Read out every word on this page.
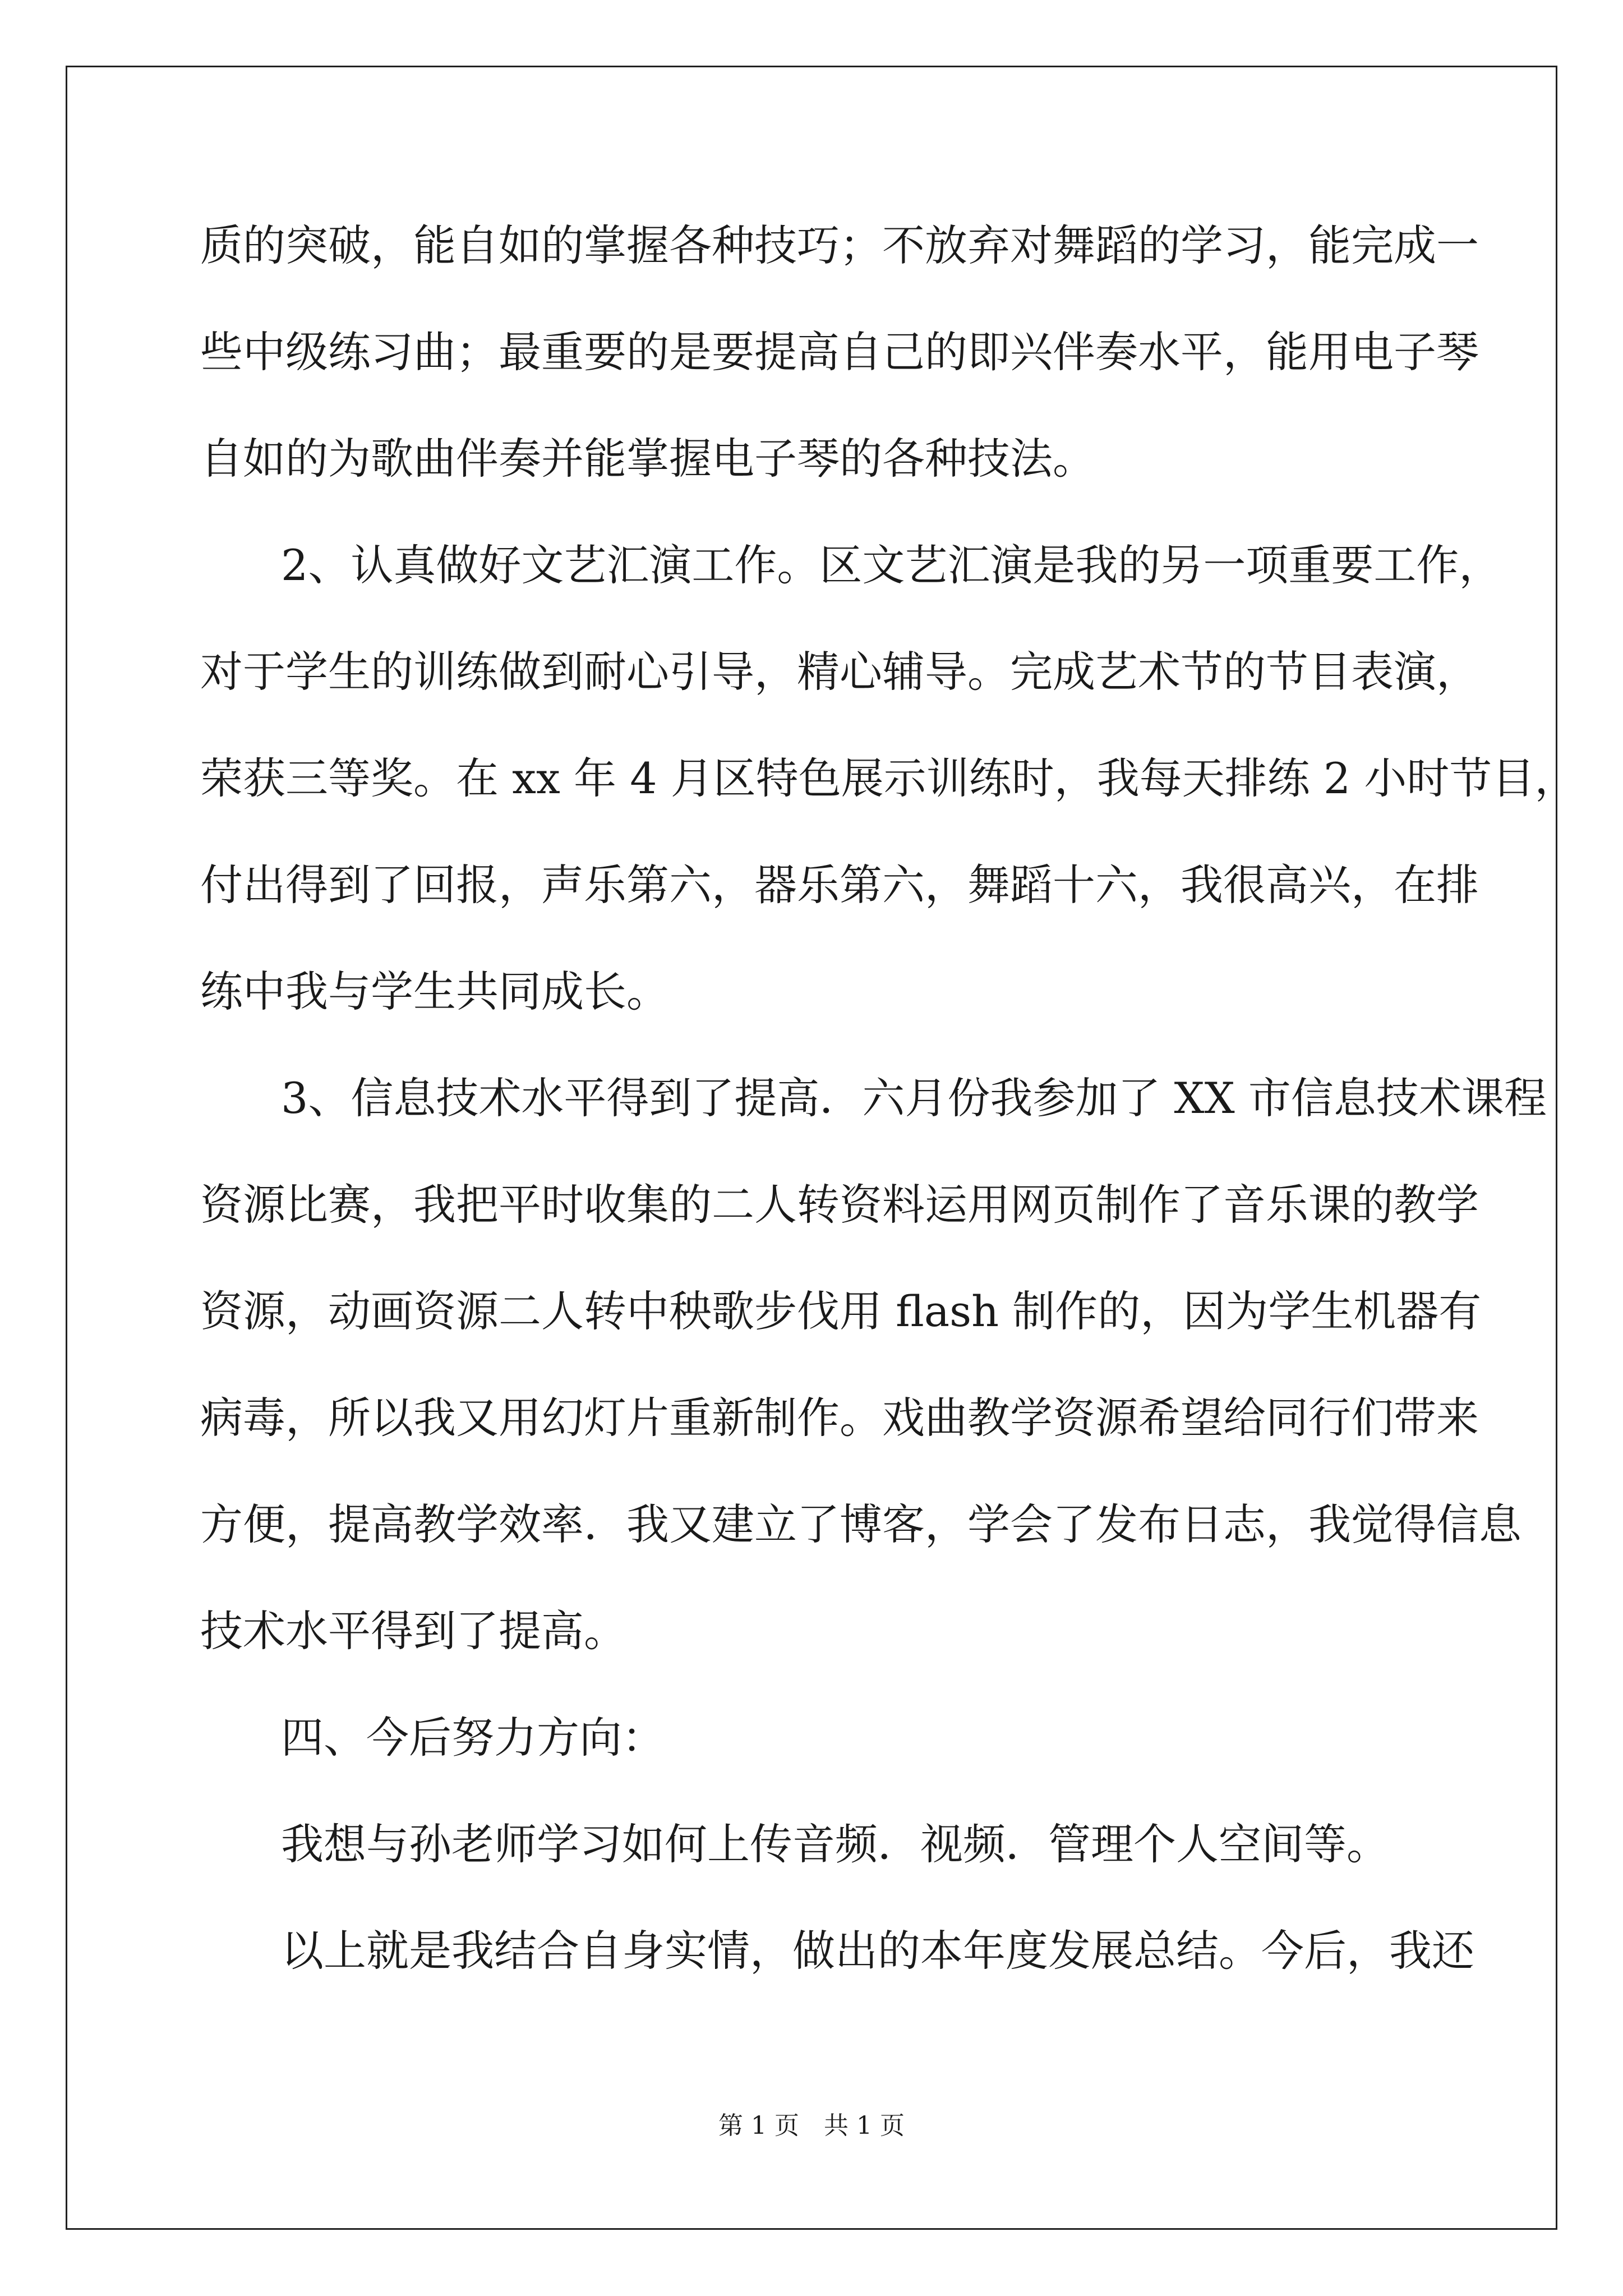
质的突破，能自如的掌握各种技巧；不放弃对舞蹈的学习，能完成一
些中级练习曲；最重要的是要提高自己的即兴伴奏水平，能用电子琴
自如的为歌曲伴奏并能掌握电子琴的各种技法。
2、认真做好文艺汇演工作。区文艺汇演是我的另一项重要工作，
对于学生的训练做到耐心引导，精心辅导。完成艺术节的节目表演，
荣获三等奖。在 xx 年 4 月区特色展示训练时，我每天排练 2 小时节目，
付出得到了回报，声乐第六，器乐第六，舞蹈十六，我很高兴，在排
练中我与学生共同成长。
3、信息技术水平得到了提高．六月份我参加了 XX 市信息技术课程
资源比赛，我把平时收集的二人转资料运用网页制作了音乐课的教学
资源，动画资源二人转中秧歌步伐用 flash 制作的，因为学生机器有
病毒，所以我又用幻灯片重新制作。戏曲教学资源希望给同行们带来
方便，提高教学效率．我又建立了博客，学会了发布日志，我觉得信息
技术水平得到了提高。
四、今后努力方向：
我想与孙老师学习如何上传音频．视频．管理个人空间等。
以上就是我结合自身实情，做出的本年度发展总结。今后，我还
第 1 页　共 1 页
